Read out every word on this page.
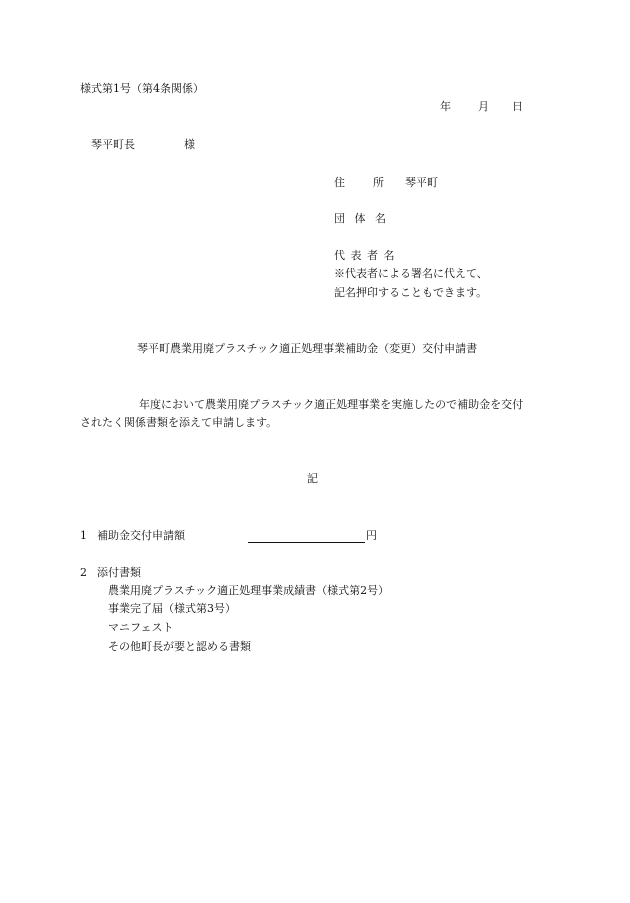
様式第1号（第4条関係）
年 月 日
琴平町長	様
住　　所 琴平町
団 体 名
代 表 者 名
※代表者による署名に代えて、
記名押印することもできます。
琴平町農業用廃プラスチック適正処理事業補助金（変更）交付申請書
年度において農業用廃プラスチック適正処理事業を実施したので補助金を交付
されたく関係書類を添えて申請します。
記
1 補助金交付申請額	円
2 添付書類
農業用廃プラスチック適正処理事業成績書（様式第2号）
事業完了届（様式第3号）
マニフェスト
その他町長が要と認める書類
